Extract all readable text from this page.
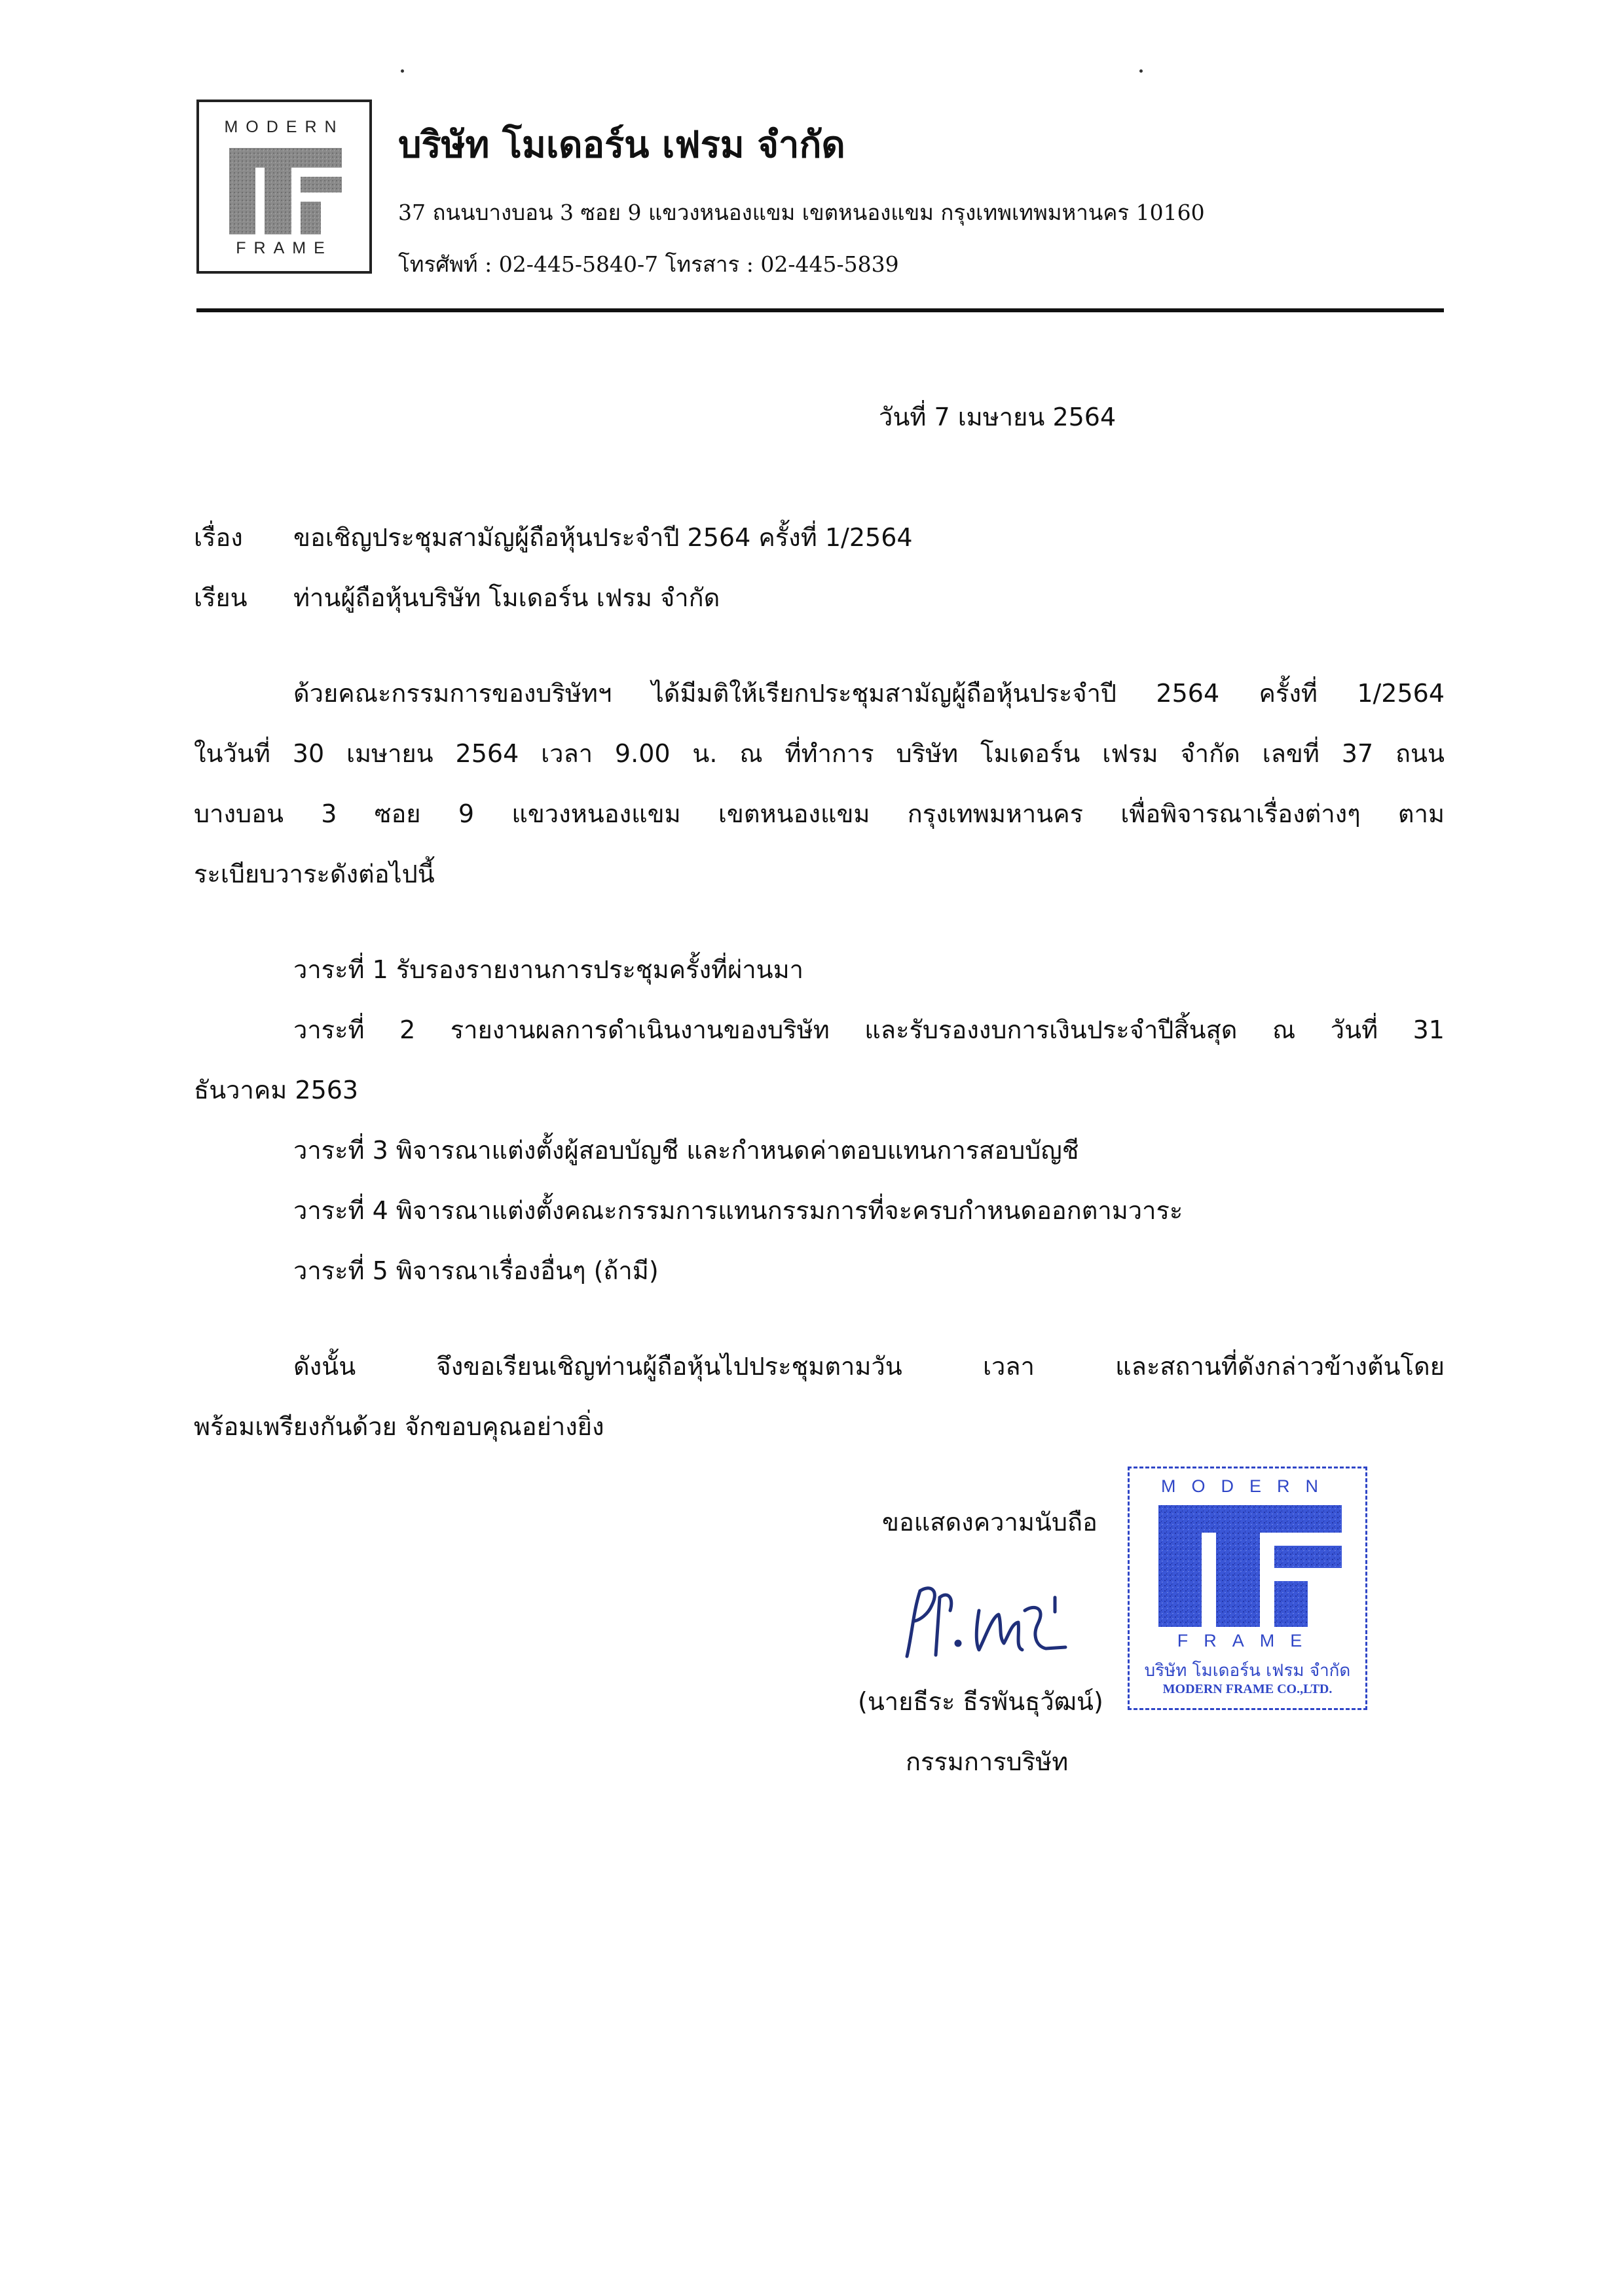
MODERN
FRAME
บริษัท โมเดอร์น เฟรม จำกัด
37 ถนนบางบอน 3 ซอย 9 แขวงหนองแขม เขตหนองแขม กรุงเทพเทพมหานคร 10160
โทรศัพท์ : 02-445-5840-7 โทรสาร : 02-445-5839
วันที่ 7 เมษายน 2564
เรื่อง ขอเชิญประชุมสามัญผู้ถือหุ้นประจำปี 2564 ครั้งที่ 1/2564
เรียน ท่านผู้ถือหุ้นบริษัท โมเดอร์น เฟรม จำกัด
ด้วยคณะกรรมการของบริษัทฯ ได้มีมติให้เรียกประชุมสามัญผู้ถือหุ้นประจำปี 2564 ครั้งที่ 1/2564
ในวันที่ 30 เมษายน 2564 เวลา 9.00 น. ณ ที่ทำการ บริษัท โมเดอร์น เฟรม จำกัด เลขที่ 37 ถนน
บางบอน 3 ซอย 9 แขวงหนองแขม เขตหนองแขม กรุงเทพมหานคร เพื่อพิจารณาเรื่องต่างๆ ตาม
ระเบียบวาระดังต่อไปนี้
วาระที่ 1 รับรองรายงานการประชุมครั้งที่ผ่านมา
วาระที่ 2 รายงานผลการดำเนินงานของบริษัท และรับรองงบการเงินประจำปีสิ้นสุด ณ วันที่ 31
ธันวาคม 2563
วาระที่ 3 พิจารณาแต่งตั้งผู้สอบบัญชี และกำหนดค่าตอบแทนการสอบบัญชี
วาระที่ 4 พิจารณาแต่งตั้งคณะกรรมการแทนกรรมการที่จะครบกำหนดออกตามวาระ
วาระที่ 5 พิจารณาเรื่องอื่นๆ (ถ้ามี)
ดังนั้น จึงขอเรียนเชิญท่านผู้ถือหุ้นไปประชุมตามวัน เวลา และสถานที่ดังกล่าวข้างต้นโดย
พร้อมเพรียงกันด้วย จักขอบคุณอย่างยิ่ง
ขอแสดงความนับถือ
MODERN
FRAME
บริษัท โมเดอร์น เฟรม จำกัด
MODERN FRAME CO.,LTD.
(นายธีระ ธีรพันธุวัฒน์)
กรรมการบริษัท
